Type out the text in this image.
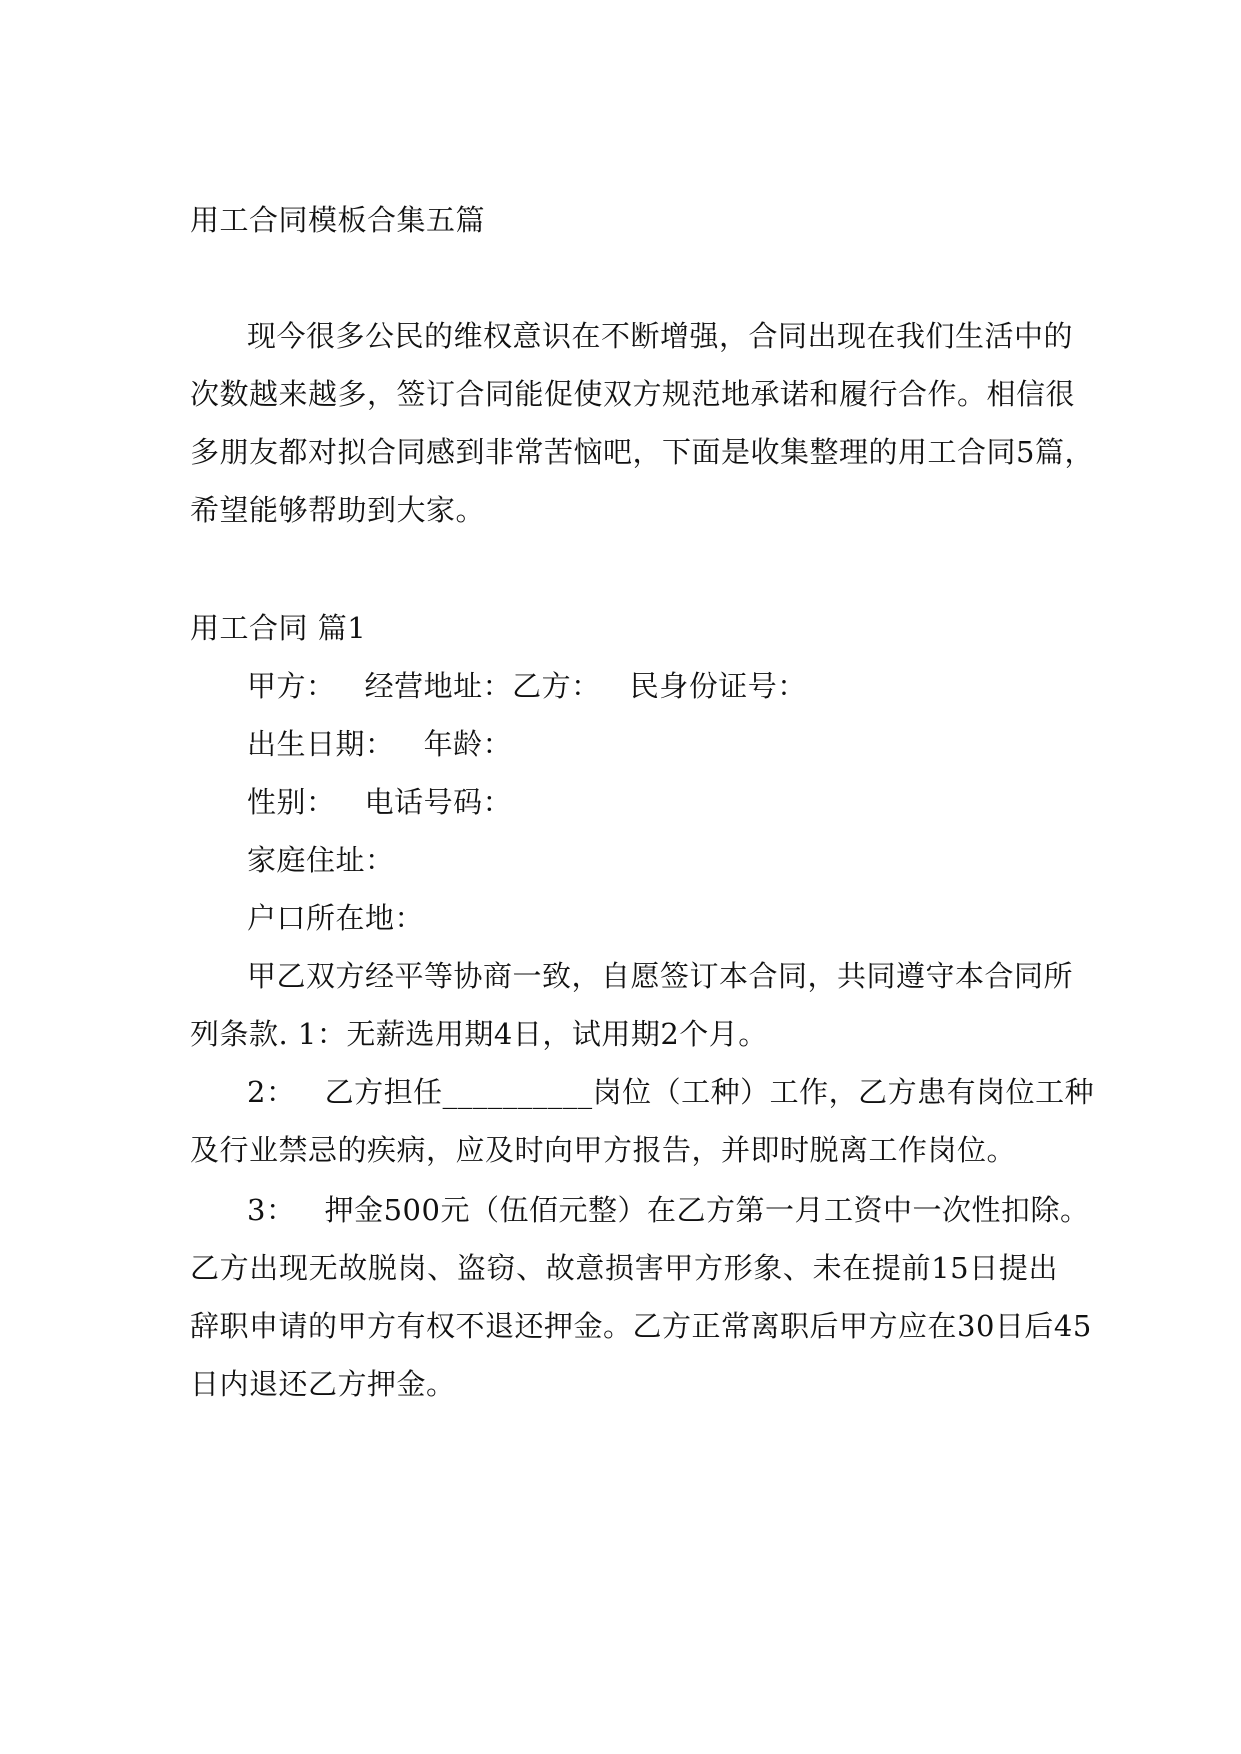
用工合同模板合集五篇
现今很多公民的维权意识在不断增强，合同出现在我们生活中的
次数越来越多，签订合同能促使双方规范地承诺和履行合作。相信很
多朋友都对拟合同感到非常苦恼吧，下面是收集整理的用工合同5篇，
希望能够帮助到大家。
用工合同 篇1
甲方：   经营地址：乙方：   民身份证号：
出生日期：   年龄：
性别：   电话号码：
家庭住址：
户口所在地：
甲乙双方经平等协商一致，自愿签订本合同，共同遵守本合同所
列条款. 1：无薪选用期4日，试用期2个月。
2：   乙方担任__________岗位（工种）工作，乙方患有岗位工种
及行业禁忌的疾病，应及时向甲方报告，并即时脱离工作岗位。
3：   押金500元（伍佰元整）在乙方第一月工资中一次性扣除。
乙方出现无故脱岗、盗窃、故意损害甲方形象、未在提前15日提出
辞职申请的甲方有权不退还押金。乙方正常离职后甲方应在30日后45
日内退还乙方押金。
